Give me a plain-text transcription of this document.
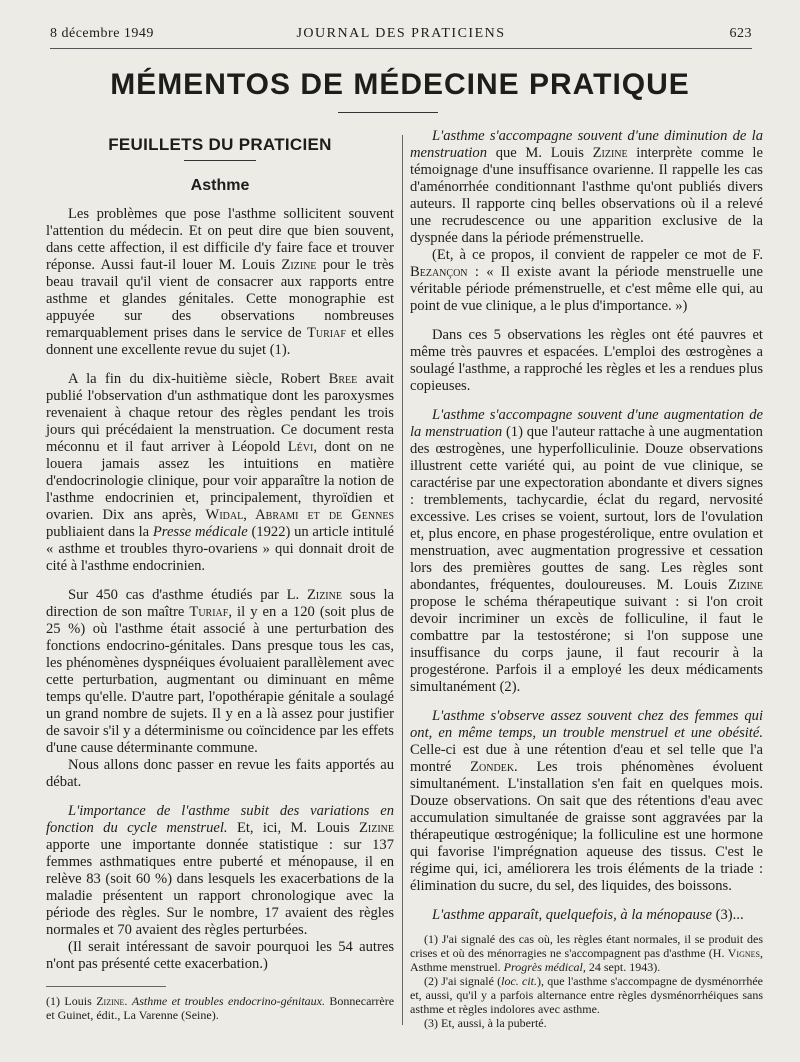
8 décembre 1949	JOURNAL DES PRATICIENS	623
MÉMENTOS DE MÉDECINE PRATIQUE
FEUILLETS DU PRATICIEN
Asthme

Les problèmes que pose l'asthme sollicitent souvent l'attention du médecin. Et on peut dire que bien souvent, dans cette affection, il est difficile d'y faire face et trouver réponse. Aussi faut-il louer M. Louis Zizine pour le très beau travail qu'il vient de consacrer aux rapports entre asthme et glandes génitales. Cette monographie est appuyée sur des observations nombreuses remarquablement prises dans le service de Turiaf et elles donnent une excellente revue du sujet (1).

A la fin du dix-huitième siècle, Robert Bree avait publié l'observation d'un asthmatique dont les paroxysmes revenaient à chaque retour des règles pendant les trois jours qui précédaient la menstruation. Ce document resta méconnu et il faut arriver à Léopold Lévi, dont on ne louera jamais assez les intuitions en matière d'endocrinologie clinique, pour voir apparaître la notion de l'asthme endocrinien et, principalement, thyroïdien et ovarien. Dix ans après, Widal, Abrami et de Gennes publiaient dans la Presse médicale (1922) un article intitulé « asthme et troubles thyro-ovariens » qui donnait droit de cité à l'asthme endocrinien.

Sur 450 cas d'asthme étudiés par L. Zizine sous la direction de son maître Turiaf, il y en a 120 (soit plus de 25 %) où l'asthme était associé à une perturbation des fonctions endocrino-génitales. Dans presque tous les cas, les phénomènes dyspnéiques évoluaient parallèlement avec cette perturbation, augmentant ou diminuant en même temps qu'elle. D'autre part, l'opothérapie génitale a soulagé un grand nombre de sujets. Il y en a là assez pour justifier de savoir s'il y a déterminisme ou coïncidence par les effets d'une cause déterminante commune.

Nous allons donc passer en revue les faits apportés au débat.

L'importance de l'asthme subit des variations en fonction du cycle menstruel. Et, ici, M. Louis Zizine apporte une importante donnée statistique : sur 137 femmes asthmatiques entre puberté et ménopause, il en relève 83 (soit 60 %) dans lesquels les exacerbations de la maladie présentent un rapport chronologique avec la période des règles. Sur le nombre, 17 avaient des règles normales et 70 avaient des règles perturbées.

(Il serait intéressant de savoir pourquoi les 54 autres n'ont pas présenté cette exacerbation.)

(1) Louis Zizine. Asthme et troubles endocrino-génitaux. Bonnecarrère et Guinet, édit., La Varenne (Seine).

L'asthme s'accompagne souvent d'une diminution de la menstruation que M. Louis Zizine interprète comme le témoignage d'une insuffisance ovarienne. Il rappelle les cas d'aménorrhée conditionnant l'asthme qu'ont publiés divers auteurs. Il rapporte cinq belles observations où il a relevé une recrudescence ou une apparition exclusive de la dyspnée dans la période prémenstruelle.

(Et, à ce propos, il convient de rappeler ce mot de F. Bezançon : « Il existe avant la période menstruelle une véritable période prémenstruelle, et c'est même elle qui, au point de vue clinique, a le plus d'importance. »)

Dans ces 5 observations les règles ont été pauvres et même très pauvres et espacées. L'emploi des œstrogènes a soulagé l'asthme, a rapproché les règles et les a rendues plus copieuses.

L'asthme s'accompagne souvent d'une augmentation de la menstruation (1) que l'auteur rattache à une augmentation des œstrogènes, une hyperfolliculinie. Douze observations illustrent cette variété qui, au point de vue clinique, se caractérise par une expectoration abondante et divers signes : tremblements, tachycardie, éclat du regard, nervosité excessive. Les crises se voient, surtout, lors de l'ovulation et, plus encore, en phase progestérolique, entre ovulation et menstruation, avec augmentation progressive et cessation lors des premières gouttes de sang. Les règles sont abondantes, fréquentes, douloureuses. M. Louis Zizine propose le schéma thérapeutique suivant : si l'on croit devoir incriminer un excès de folliculine, il faut le combattre par la testostérone; si l'on suppose une insuffisance du corps jaune, il faut recourir à la progestérone. Parfois il a employé les deux médicaments simultanément (2).

L'asthme s'observe assez souvent chez des femmes qui ont, en même temps, un trouble menstruel et une obésité. Celle-ci est due à une rétention d'eau et sel telle que l'a montré Zondek. Les trois phénomènes évoluent simultanément. L'installation s'en fait en quelques mois. Douze observations. On sait que des rétentions d'eau avec accumulation simultanée de graisse sont aggravées par la thérapeutique œstrogénique; la folliculine est une hormone qui favorise l'imprégnation aqueuse des tissus. C'est le régime qui, ici, améliorera les trois éléments de la triade : élimination du sucre, du sel, des liquides, des boissons.

L'asthme apparaît, quelquefois, à la ménopause (3)...

(1) J'ai signalé des cas où, les règles étant normales, il se produit des crises et où des ménorragies ne s'accompagnent pas d'asthme (H. Vignes, Asthme menstruel. Progrès médical, 24 sept. 1943).
(2) J'ai signalé (loc. cit.), que l'asthme s'accompagne de dysménorrhée et, aussi, qu'il y a parfois alternance entre règles dysménorrhéiques sans asthme et règles indolores avec asthme.
(3) Et, aussi, à la puberté.
